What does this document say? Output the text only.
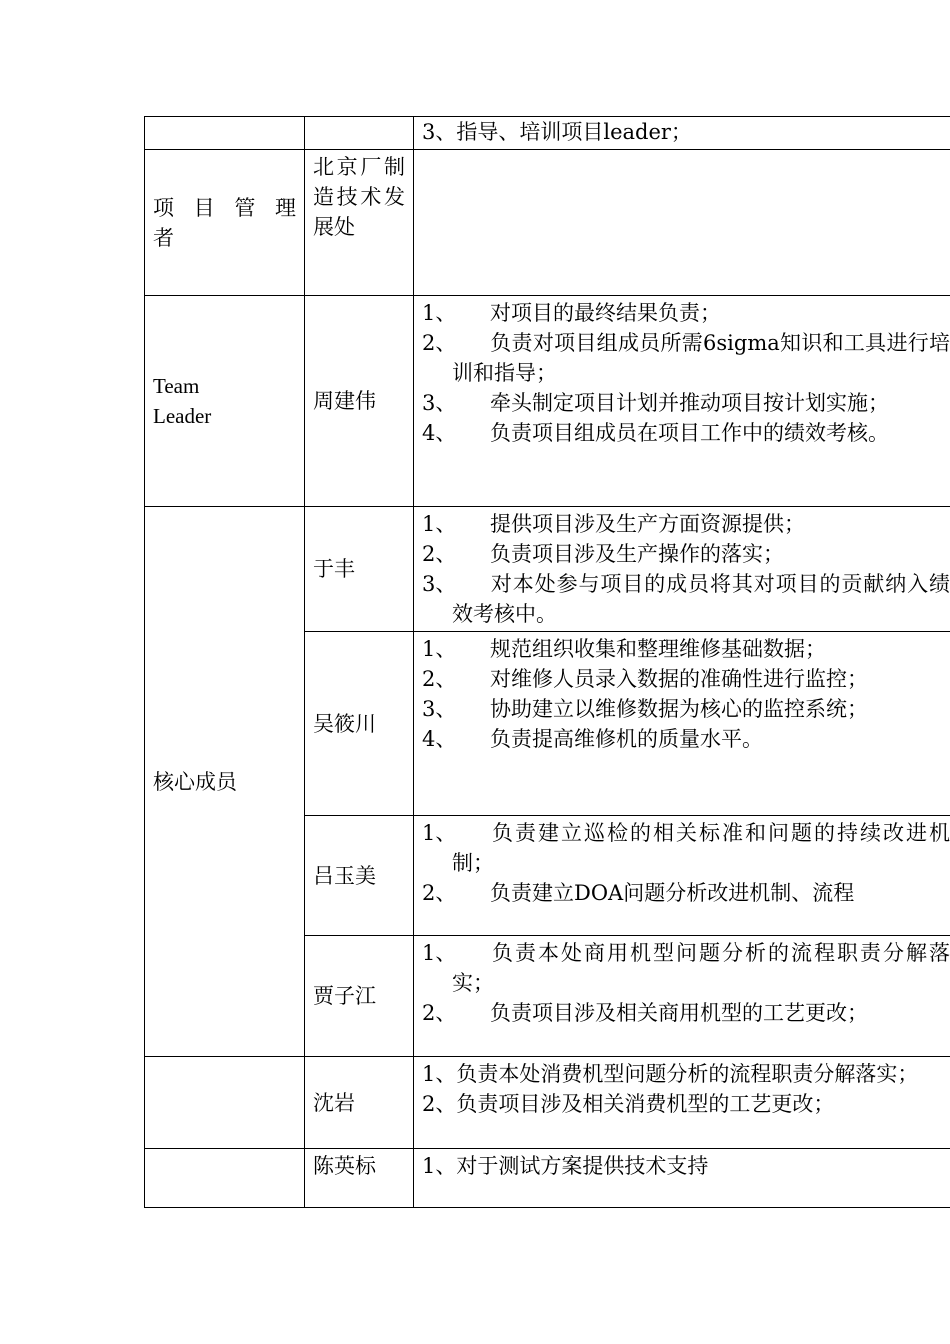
		3、指导、培训项目leader；

项 目 管 理
者	北京厂制造技术发展处	

Team Leader	周建伟	1、 对项目的最终结果负责；
2、 负责对项目组成员所需6sigma知识和工具进行培训和指导；
3、 牵头制定项目计划并推动项目按计划实施；
4、 负责项目组成员在项目工作中的绩效考核。

核心成员	于丰	1、 提供项目涉及生产方面资源提供；
2、 负责项目涉及生产操作的落实；
3、 对本处参与项目的成员将其对项目的贡献纳入绩效考核中。

	吴筱川	1、 规范组织收集和整理维修基础数据；
2、 对维修人员录入数据的准确性进行监控；
3、 协助建立以维修数据为核心的监控系统；
4、 负责提高维修机的质量水平。

	吕玉美	1、 负责建立巡检的相关标准和问题的持续改进机制；
2、 负责建立DOA问题分析改进机制、流程

	贾子江	1、 负责本处商用机型问题分析的流程职责分解落实；
2、 负责项目涉及相关商用机型的工艺更改；

	沈岩	1、负责本处消费机型问题分析的流程职责分解落实；
2、负责项目涉及相关消费机型的工艺更改；

	陈英标	1、对于测试方案提供技术支持
